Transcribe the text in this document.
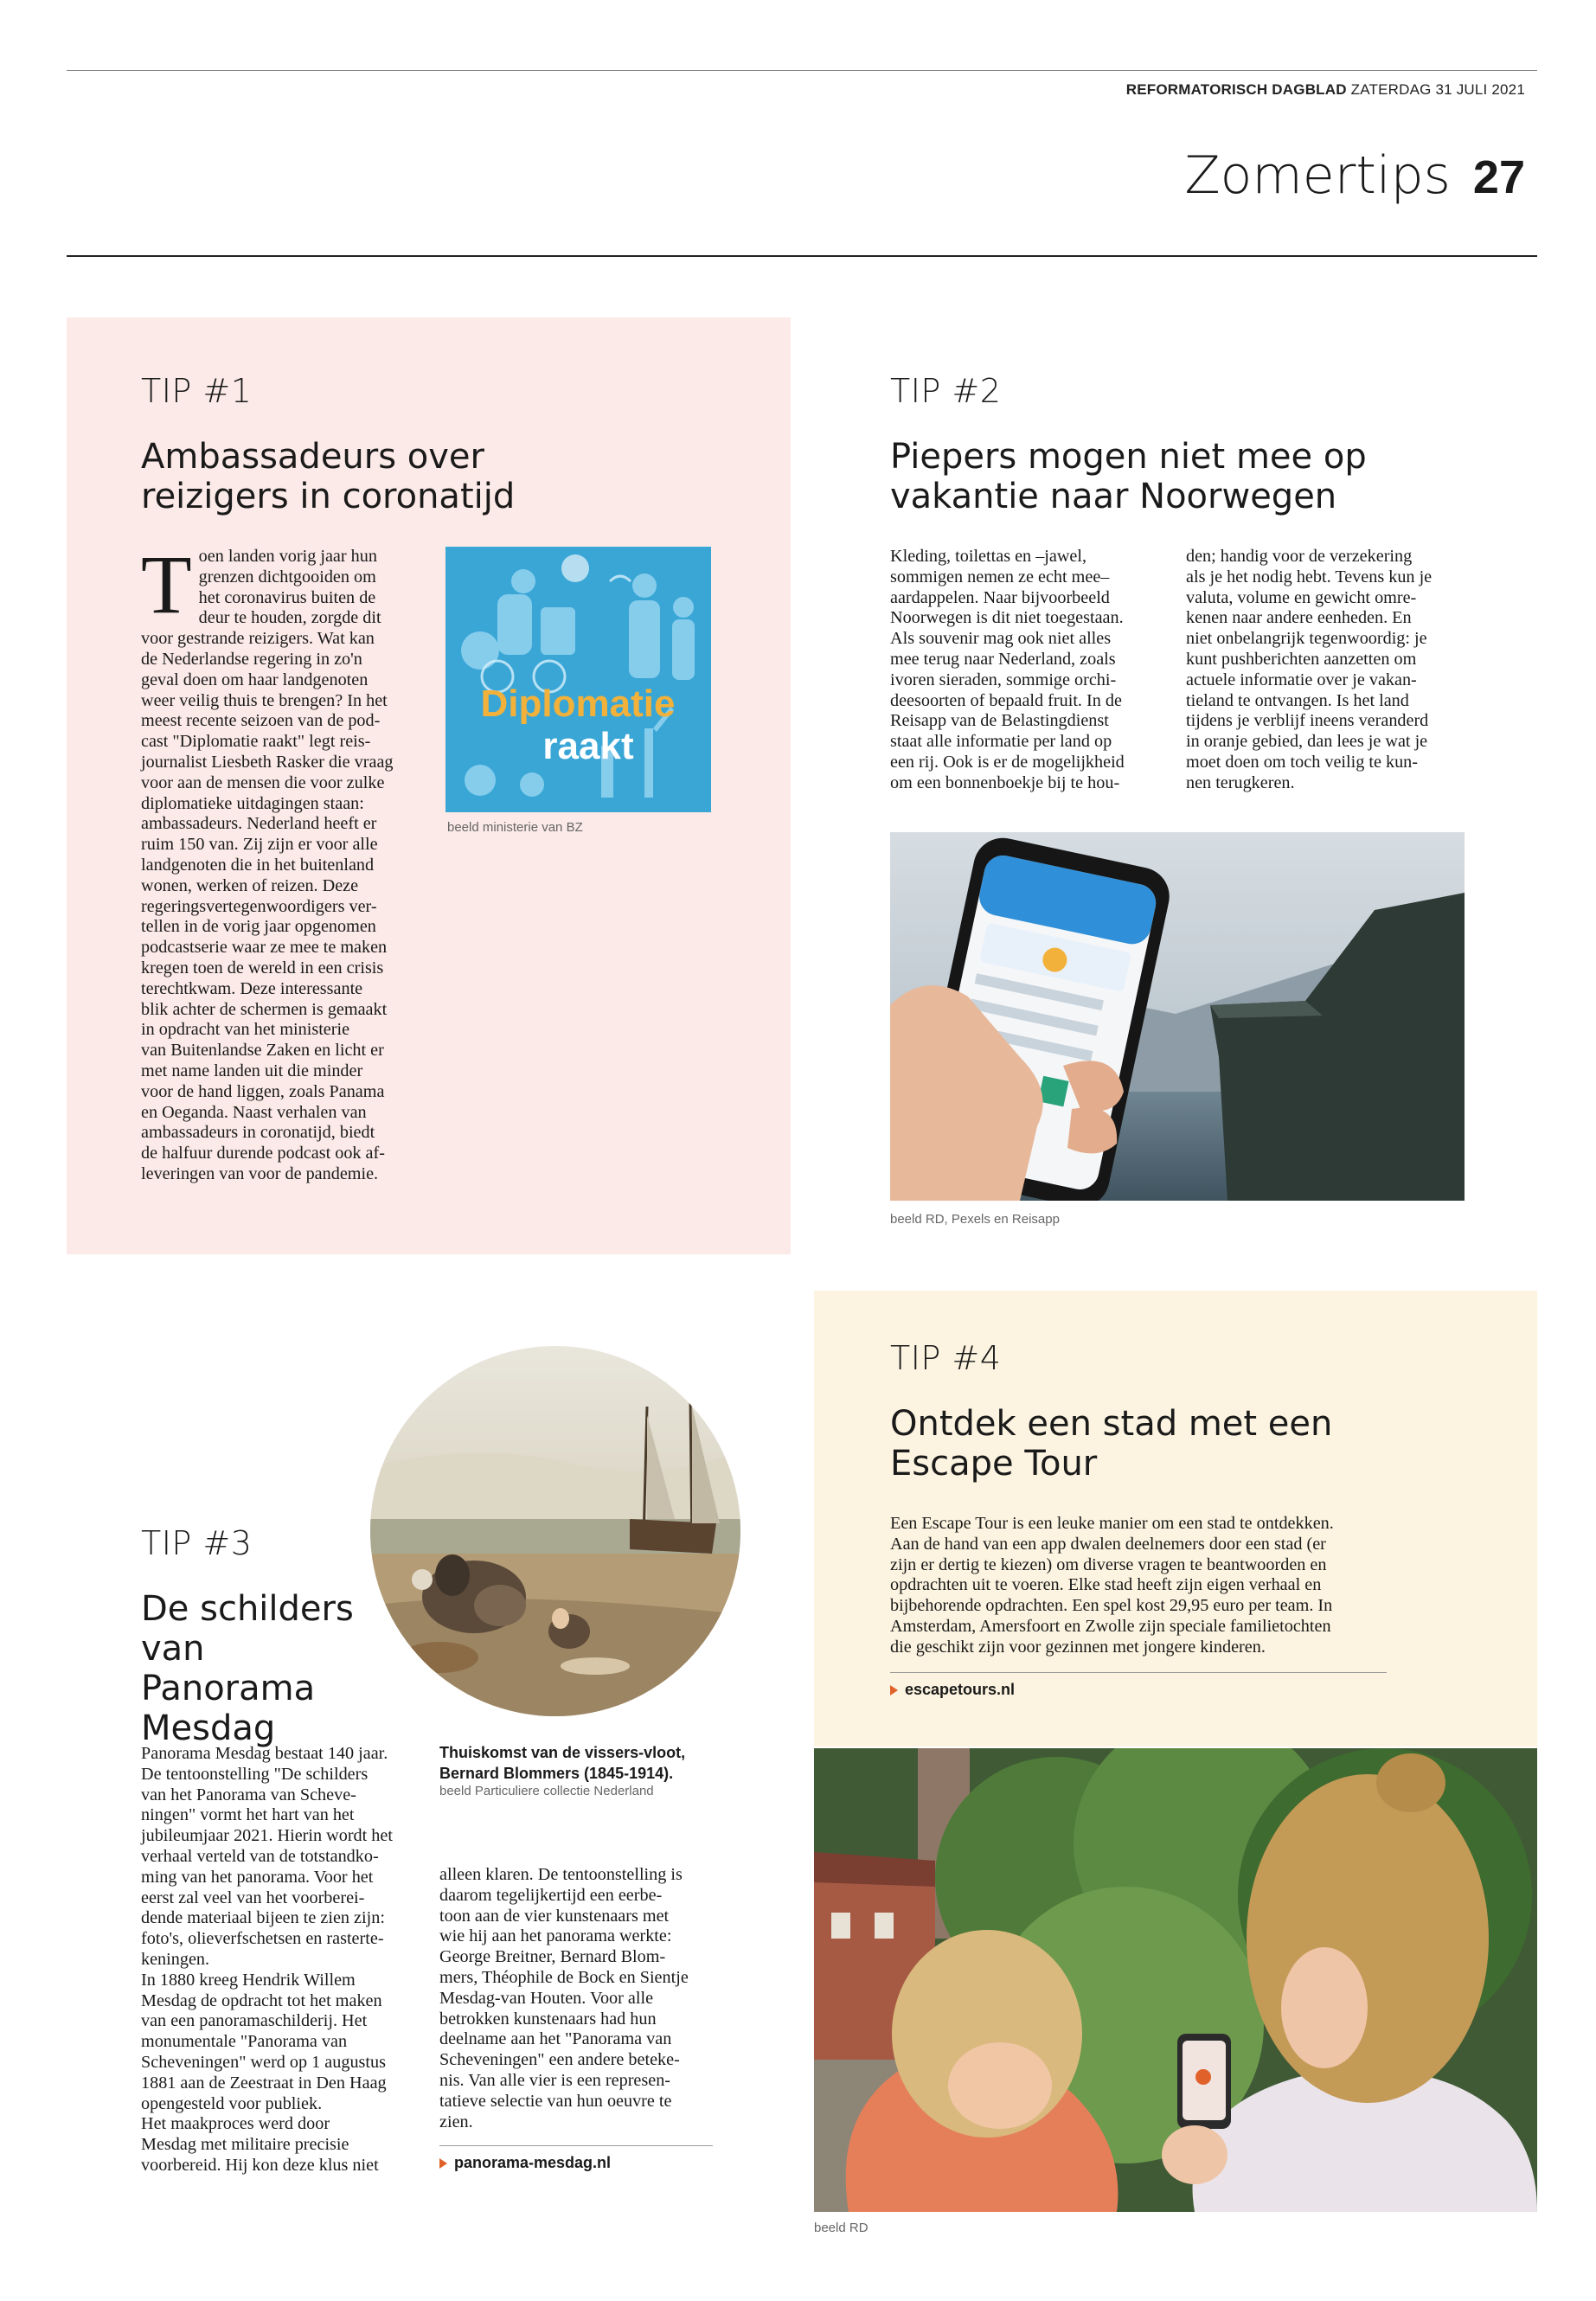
REFORMATORISCH DAGBLAD ZATERDAG 31 JULI 2021
Zomertips 27
TIP #1
Ambassadeurs over reizigers in coronatijd
Toen landen vorig jaar hun
grenzen dichtgooiden om
het coronavirus buiten de
deur te houden, zorgde dit
voor gestrande reizigers. Wat kan
de Nederlandse regering in zo'n
geval doen om haar landgenoten
weer veilig thuis te brengen? In het
meest recente seizoen van de pod-
cast "Diplomatie raakt" legt reis-
journalist Liesbeth Rasker die vraag
voor aan de mensen die voor zulke
diplomatieke uitdagingen staan:
ambassadeurs. Nederland heeft er
ruim 150 van. Zij zijn er voor alle
landgenoten die in het buitenland
wonen, werken of reizen. Deze
regeringsvertegenwoordigers ver-
tellen in de vorig jaar opgenomen
podcastserie waar ze mee te maken
kregen toen de wereld in een crisis
terechtkwam. Deze interessante
blik achter de schermen is gemaakt
in opdracht van het ministerie
van Buitenlandse Zaken en licht er
met name landen uit die minder
voor de hand liggen, zoals Panama
en Oeganda. Naast verhalen van
ambassadeurs in coronatijd, biedt
de halfuur durende podcast ook af-
leveringen van voor de pandemie.
Diplomatie
raakt
beeld ministerie van BZ
TIP #2
Piepers mogen niet mee op vakantie naar Noorwegen
Kleding, toilettas en –jawel,
sommigen nemen ze echt mee–
aardappelen. Naar bijvoorbeeld
Noorwegen is dit niet toegestaan.
Als souvenir mag ook niet alles
mee terug naar Nederland, zoals
ivoren sieraden, sommige orchi-
deesoorten of bepaald fruit. In de
Reisapp van de Belastingdienst
staat alle informatie per land op
een rij. Ook is er de mogelijkheid
om een bonnenboekje bij te hou-
den; handig voor de verzekering
als je het nodig hebt. Tevens kun je
valuta, volume en gewicht omre-
kenen naar andere eenheden. En
niet onbelangrijk tegenwoordig: je
kunt pushberichten aanzetten om
actuele informatie over je vakan-
tieland te ontvangen. Is het land
tijdens je verblijf ineens veranderd
in oranje gebied, dan lees je wat je
moet doen om toch veilig te kun-
nen terugkeren.
beeld RD, Pexels en Reisapp
TIP #3
De schilders van Panorama Mesdag
Panorama Mesdag bestaat 140 jaar.
De tentoonstelling "De schilders
van het Panorama van Scheve-
ningen" vormt het hart van het
jubileumjaar 2021. Hierin wordt het
verhaal verteld van de totstandko-
ming van het panorama. Voor het
eerst zal veel van het voorberei-
dende materiaal bijeen te zien zijn:
foto's, olieverfschetsen en rasterte-
keningen.
In 1880 kreeg Hendrik Willem
Mesdag de opdracht tot het maken
van een panoramaschilderij. Het
monumentale "Panorama van
Scheveningen" werd op 1 augustus
1881 aan de Zeestraat in Den Haag
opengesteld voor publiek.
Het maakproces werd door
Mesdag met militaire precisie
voorbereid. Hij kon deze klus niet
Thuiskomst van de vissers-vloot, Bernard Blommers (1845-1914). beeld Particuliere collectie Nederland
alleen klaren. De tentoonstelling is
daarom tegelijkertijd een eerbe-
toon aan de vier kunstenaars met
wie hij aan het panorama werkte:
George Breitner, Bernard Blom-
mers, Théophile de Bock en Sientje
Mesdag-van Houten. Voor alle
betrokken kunstenaars had hun
deelname aan het "Panorama van
Scheveningen" een andere beteke-
nis. Van alle vier is een represen-
tatieve selectie van hun oeuvre te
zien.
panorama-mesdag.nl
TIP #4
Ontdek een stad met een Escape Tour
Een Escape Tour is een leuke manier om een stad te ontdekken.
Aan de hand van een app dwalen deelnemers door een stad (er
zijn er dertig te kiezen) om diverse vragen te beantwoorden en
opdrachten uit te voeren. Elke stad heeft zijn eigen verhaal en
bijbehorende opdrachten. Een spel kost 29,95 euro per team. In
Amsterdam, Amersfoort en Zwolle zijn speciale familietochten
die geschikt zijn voor gezinnen met jongere kinderen.
escapetours.nl
beeld RD
